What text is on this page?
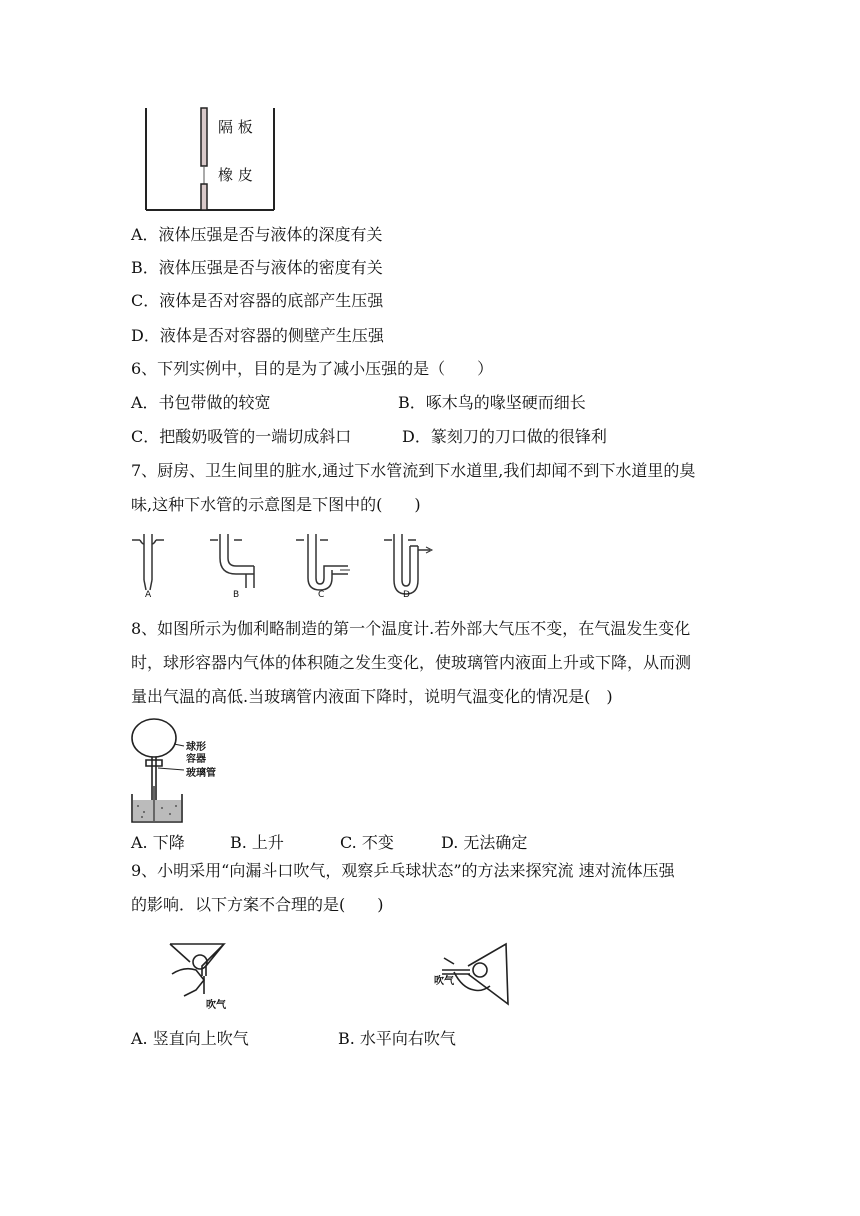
隔 板
橡 皮
A．液体压强是否与液体的深度有关
B．液体压强是否与液体的密度有关
C．液体是否对容器的底部产生压强
D．液体是否对容器的侧壁产生压强
6、下列实例中，目的是为了减小压强的是（　　）
A．书包带做的较宽	B．啄木鸟的喙坚硬而细长
C．把酸奶吸管的一端切成斜口	D．篆刻刀的刀口做的很锋利
7、厨房、卫生间里的脏水,通过下水管流到下水道里,我们却闻不到下水道里的臭
味,这种下水管的示意图是下图中的(　　)
A	B	C	D
8、如图所示为伽利略制造的第一个温度计.若外部大气压不变，在气温发生变化
时，球形容器内气体的体积随之发生变化，使玻璃管内液面上升或下降，从而测
量出气温的高低.当玻璃管内液面下降时，说明气温变化的情况是(　)
球形
容器
玻璃管
A. 下降	B. 上升	C. 不变	D. 无法确定
9、小明采用“向漏斗口吹气，观察乒乓球状态”的方法来探究流 速对流体压强
的影响．以下方案不合理的是(　　)
吹气
吹气
A. 竖直向上吹气	B. 水平向右吹气
